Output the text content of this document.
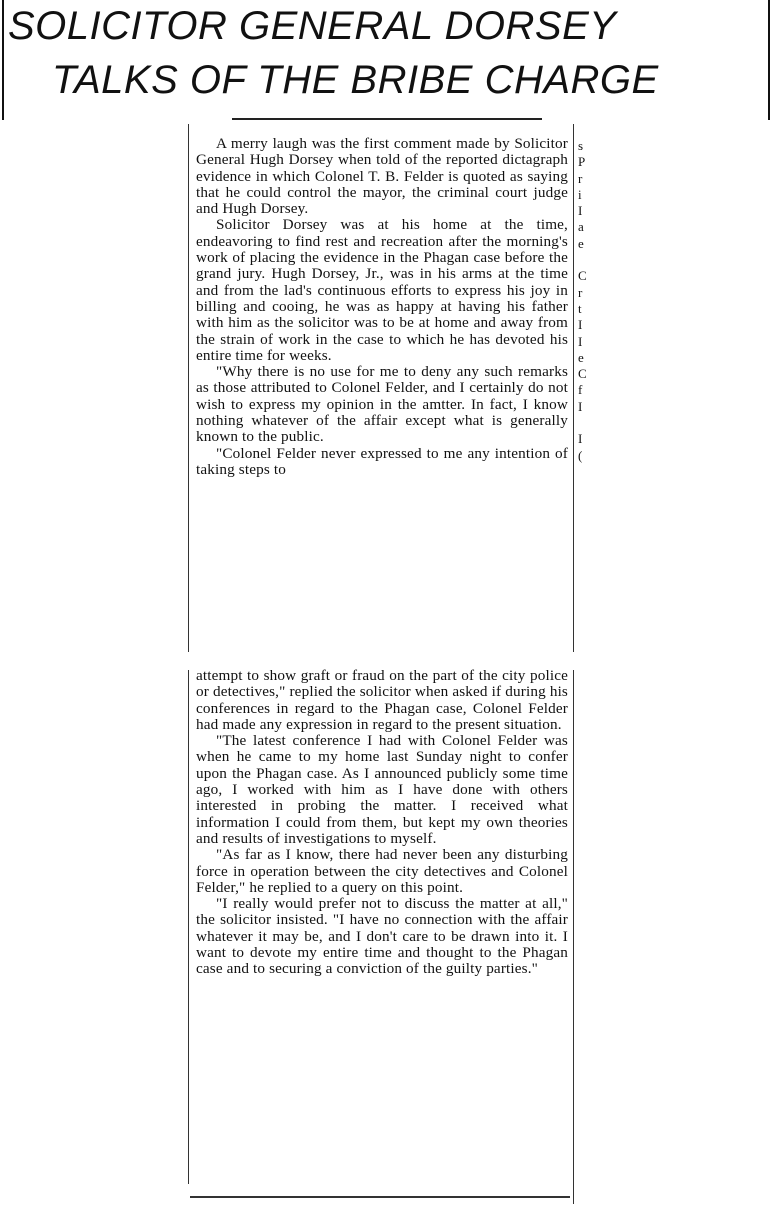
SOLICITOR GENERAL DORSEY
TALKS OF THE BRIBE CHARGE

A merry laugh was the first comment made by Solicitor General Hugh Dorsey when told of the reported dictagraph evidence in which Colonel T. B. Felder is quoted as saying that he could control the mayor, the criminal court judge and Hugh Dorsey.

Solicitor Dorsey was at his home at the time, endeavoring to find rest and recreation after the morning's work of placing the evidence in the Phagan case before the grand jury. Hugh Dorsey, Jr., was in his arms at the time and from the lad's continuous efforts to express his joy in billing and cooing, he was as happy at having his father with him as the solicitor was to be at home and away from the strain of work in the case to which he has devoted his entire time for weeks.

"Why there is no use for me to deny any such remarks as those attributed to Colonel Felder, and I certainly do not wish to express my opinion in the amtter. In fact, I know nothing whatever of the affair except what is generally known to the public.

"Colonel Felder never expressed to me any intention of taking steps to

attempt to show graft or fraud on the part of the city police or detectives," replied the solicitor when asked if during his conferences in regard to the Phagan case, Colonel Felder had made any expression in regard to the present situation.

"The latest conference I had with Colonel Felder was when he came to my home last Sunday night to confer upon the Phagan case. As I announced publicly some time ago, I worked with him as I have done with others interested in probing the matter. I received what information I could from them, but kept my own theories and results of investigations to myself.

"As far as I know, there had never been any disturbing force in operation between the city detectives and Colonel Felder," he replied to a query on this point.

"I really would prefer not to discuss the matter at all," the solicitor insisted. "I have no connection with the affair whatever it may be, and I don't care to be drawn into it. I want to devote my entire time and thought to the Phagan case and to securing a conviction of the guilty parties."

s
P
r
i
I
a
e
C
r
t
I
I
e
C
f
I
I
(
